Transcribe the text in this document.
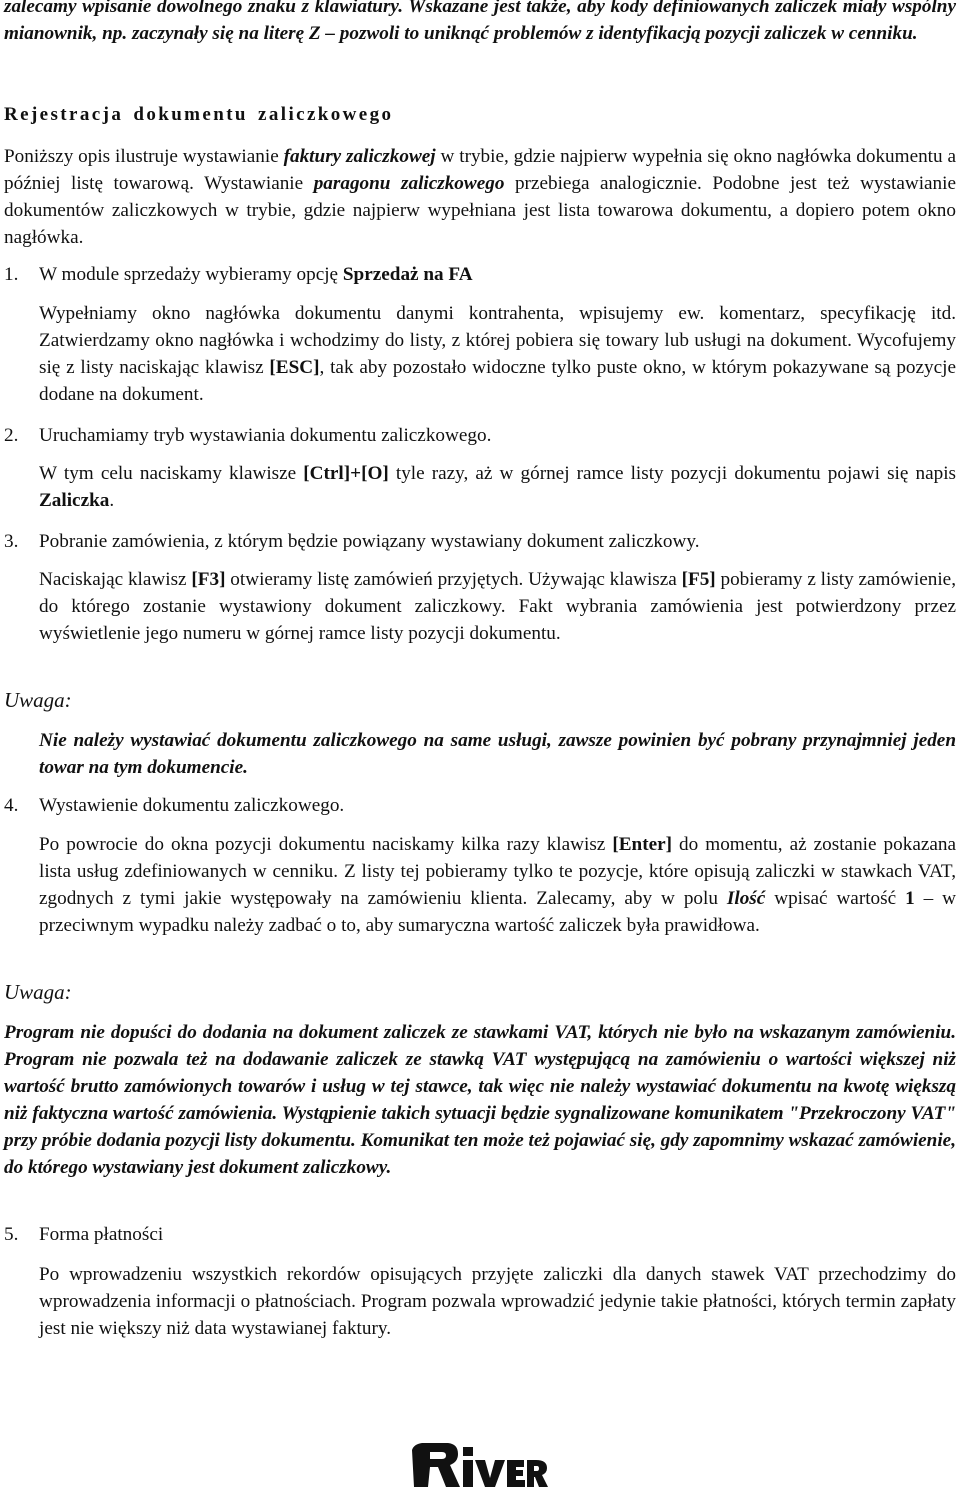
zalecamy wpisanie dowolnego znaku z klawiatury. Wskazane jest także, aby kody definiowanych zaliczek miały wspólny mianownik, np. zaczynały się na literę Z – pozwoli to uniknąć problemów z identyfikacją pozycji zaliczek w cenniku.

Rejestracja dokumentu zaliczkowego

Poniższy opis ilustruje wystawianie faktury zaliczkowej w trybie, gdzie najpierw wypełnia się okno nagłówka dokumentu a później listę towarową. Wystawianie paragonu zaliczkowego przebiega analogicznie. Podobne jest też wystawianie dokumentów zaliczkowych w trybie, gdzie najpierw wypełniana jest lista towarowa dokumentu, a dopiero potem okno nagłówka.

1.	W module sprzedaży wybieramy opcję Sprzedaż na FA

Wypełniamy okno nagłówka dokumentu danymi kontrahenta, wpisujemy ew. komentarz, specyfikację itd. Zatwierdzamy okno nagłówka i wchodzimy do listy, z której pobiera się towary lub usługi na dokument. Wycofujemy się z listy naciskając klawisz [ESC], tak aby pozostało widoczne tylko puste okno, w którym pokazywane są pozycje dodane na dokument.

2.	Uruchamiamy tryb wystawiania dokumentu zaliczkowego.

W tym celu naciskamy klawisze [Ctrl]+[O] tyle razy, aż w górnej ramce listy pozycji dokumentu pojawi się napis Zaliczka.

3.	Pobranie zamówienia, z którym będzie powiązany wystawiany dokument zaliczkowy.

Naciskając klawisz [F3] otwieramy listę zamówień przyjętych. Używając klawisza [F5] pobieramy z listy zamówienie, do którego zostanie wystawiony dokument zaliczkowy. Fakt wybrania zamówienia jest potwierdzony przez wyświetlenie jego numeru w górnej ramce listy pozycji dokumentu.

Uwaga:

Nie należy wystawiać dokumentu zaliczkowego na same usługi, zawsze powinien być pobrany przynajmniej jeden towar na tym dokumencie.

4.	Wystawienie dokumentu zaliczkowego.

Po powrocie do okna pozycji dokumentu naciskamy kilka razy klawisz [Enter] do momentu, aż zostanie pokazana lista usług zdefiniowanych w cenniku. Z listy tej pobieramy tylko te pozycje, które opisują zaliczki w stawkach VAT, zgodnych z tymi jakie występowały na zamówieniu klienta. Zalecamy, aby w polu Ilość wpisać wartość 1 – w przeciwnym wypadku należy zadbać o to, aby sumaryczna wartość zaliczek była prawidłowa.

Uwaga:

Program nie dopuści do dodania na dokument zaliczek ze stawkami VAT, których nie było na wskazanym zamówieniu. Program nie pozwala też na dodawanie zaliczek ze stawką VAT występującą na zamówieniu o wartości większej niż wartość brutto zamówionych towarów i usług w tej stawce, tak więc nie należy wystawiać dokumentu na kwotę większą niż faktyczna wartość zamówienia. Wystąpienie takich sytuacji będzie sygnalizowane komunikatem "Przekroczony VAT" przy próbie dodania pozycji listy dokumentu. Komunikat ten może też pojawiać się, gdy zapomnimy wskazać zamówienie, do którego wystawiany jest dokument zaliczkowy.

5.	Forma płatności

Po wprowadzeniu wszystkich rekordów opisujących przyjęte zaliczki dla danych stawek VAT przechodzimy do wprowadzenia informacji o płatnościach. Program pozwala wprowadzić jedynie takie płatności, których termin zapłaty jest nie większy niż data wystawianej faktury.
